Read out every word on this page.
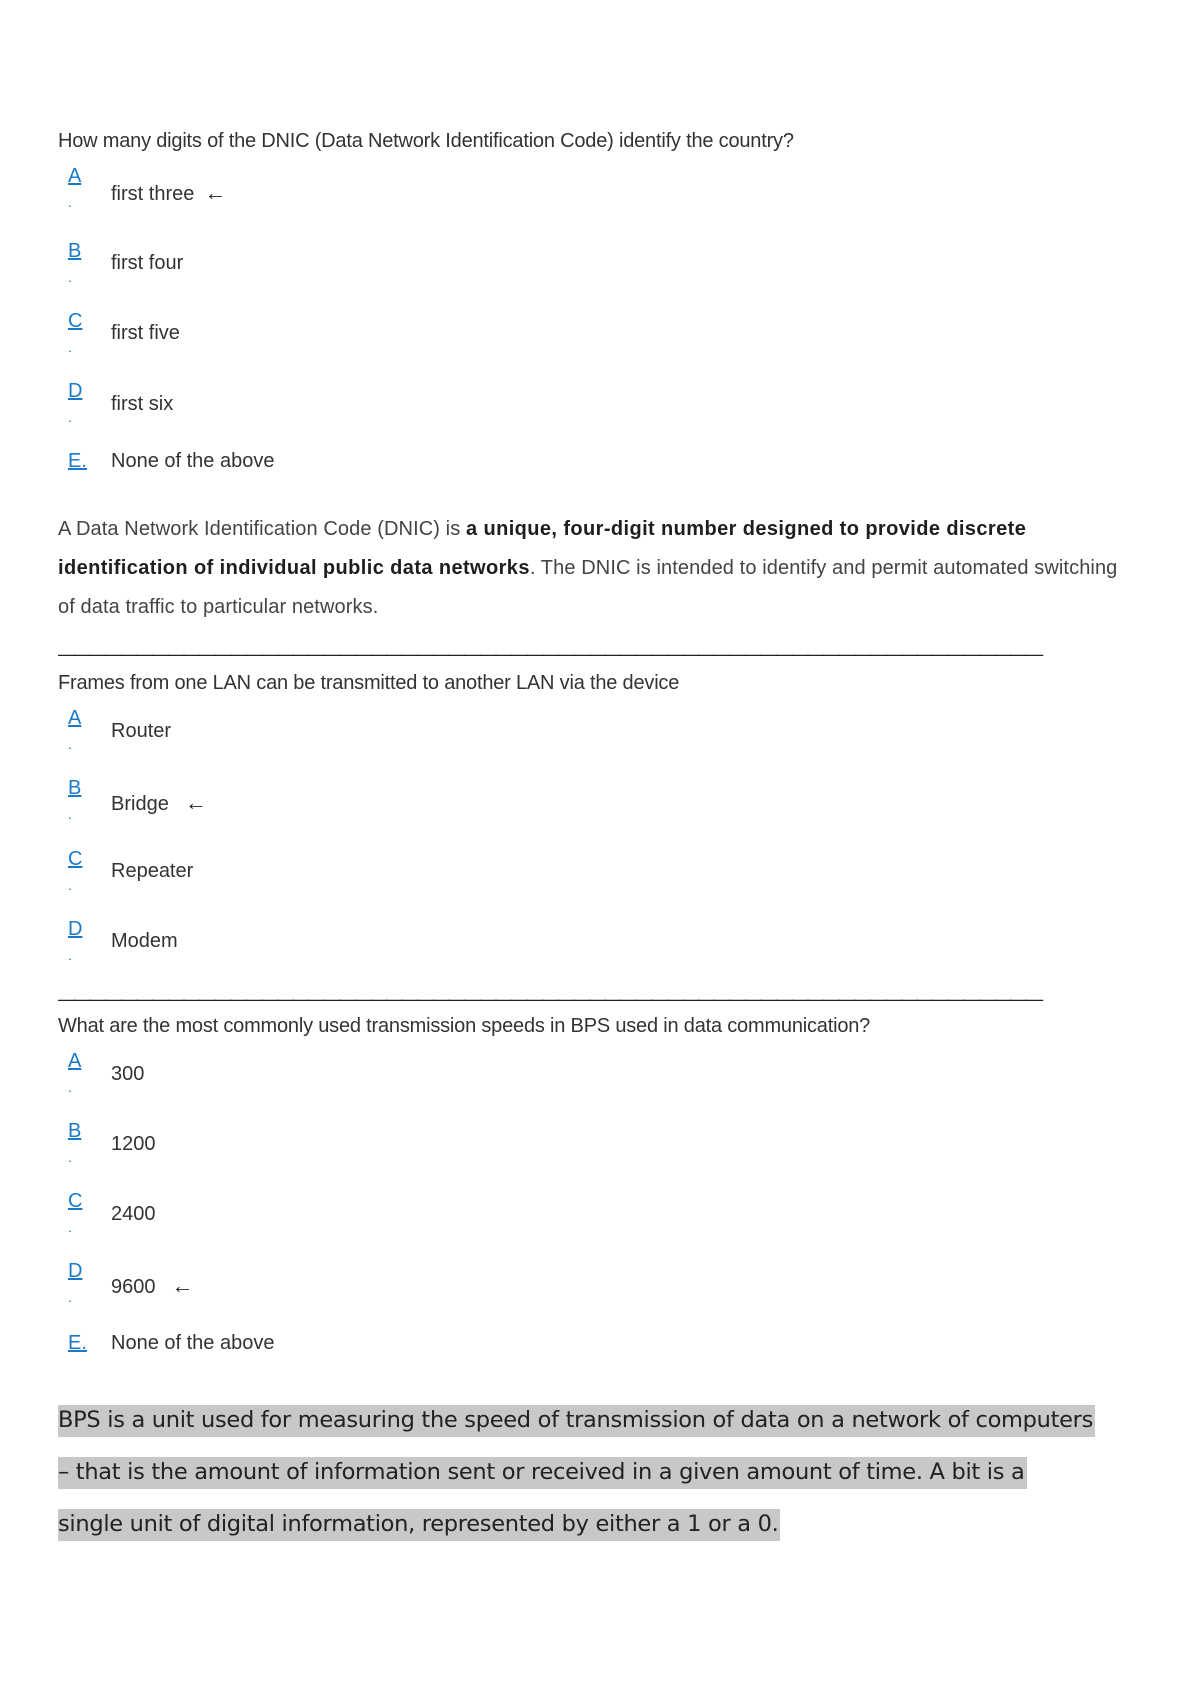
How many digits of the DNIC (Data Network Identification Code) identify the country?
A
. first three ←
B
.
first four
C
.
first five
D
.
first six
E. None of the above
A Data Network Identification Code (DNIC) is a unique, four-digit number designed to provide discrete identification of individual public data networks. The DNIC is intended to identify and permit automated switching of data traffic to particular networks.
———————————————————————————————————————————————————————————————
Frames from one LAN can be transmitted to another LAN via the device
A
.
Router
B
. Bridge ←
C
.
Repeater
D
.
Modem
———————————————————————————————————————————————————————————————
What are the most commonly used transmission speeds in BPS used in data communication?
A
.
300
B
.
1200
C
.
2400
D
. 9600 ←
E. None of the above
BPS is a unit used for measuring the speed of transmission of data on a network of computers
– that is the amount of information sent or received in a given amount of time. A bit is a
single unit of digital information, represented by either a 1 or a 0.
